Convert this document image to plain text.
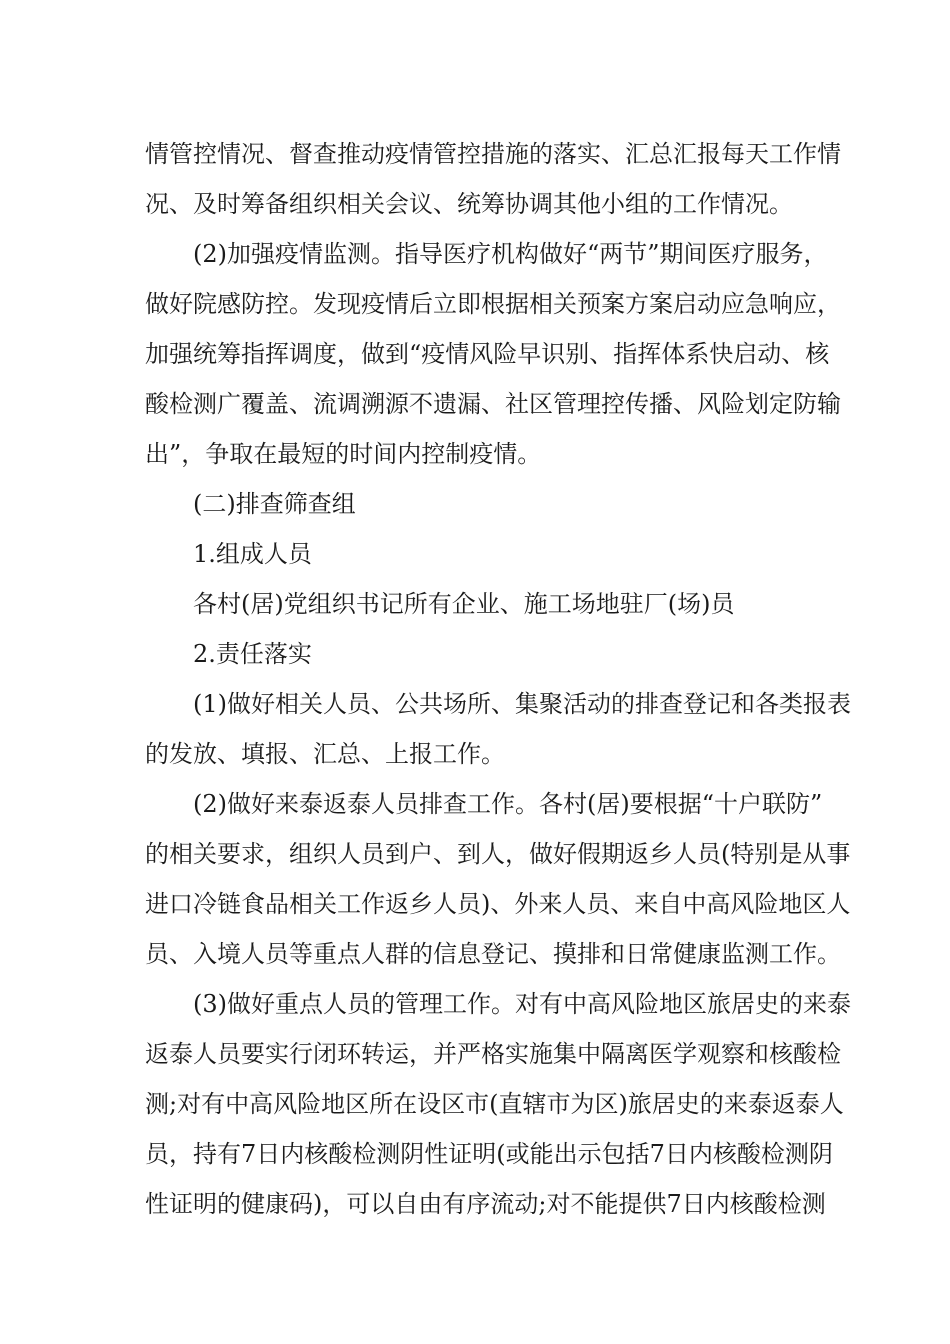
情管控情况、督查推动疫情管控措施的落实、汇总汇报每天工作情
况、及时筹备组织相关会议、统筹协调其他小组的工作情况。
(2)加强疫情监测。指导医疗机构做好“两节”期间医疗服务，
做好院感防控。发现疫情后立即根据相关预案方案启动应急响应，
加强统筹指挥调度，做到“疫情风险早识别、指挥体系快启动、核
酸检测广覆盖、流调溯源不遗漏、社区管理控传播、风险划定防输
出”，争取在最短的时间内控制疫情。
(二)排查筛查组
1.组成人员
各村(居)党组织书记所有企业、施工场地驻厂(场)员
2.责任落实
(1)做好相关人员、公共场所、集聚活动的排查登记和各类报表
的发放、填报、汇总、上报工作。
(2)做好来泰返泰人员排查工作。各村(居)要根据“十户联防”
的相关要求，组织人员到户、到人，做好假期返乡人员(特别是从事
进口冷链食品相关工作返乡人员)、外来人员、来自中高风险地区人
员、入境人员等重点人群的信息登记、摸排和日常健康监测工作。
(3)做好重点人员的管理工作。对有中高风险地区旅居史的来泰
返泰人员要实行闭环转运，并严格实施集中隔离医学观察和核酸检
测;对有中高风险地区所在设区市(直辖市为区)旅居史的来泰返泰人
员，持有7日内核酸检测阴性证明(或能出示包括7日内核酸检测阴
性证明的健康码)，可以自由有序流动;对不能提供7日内核酸检测
